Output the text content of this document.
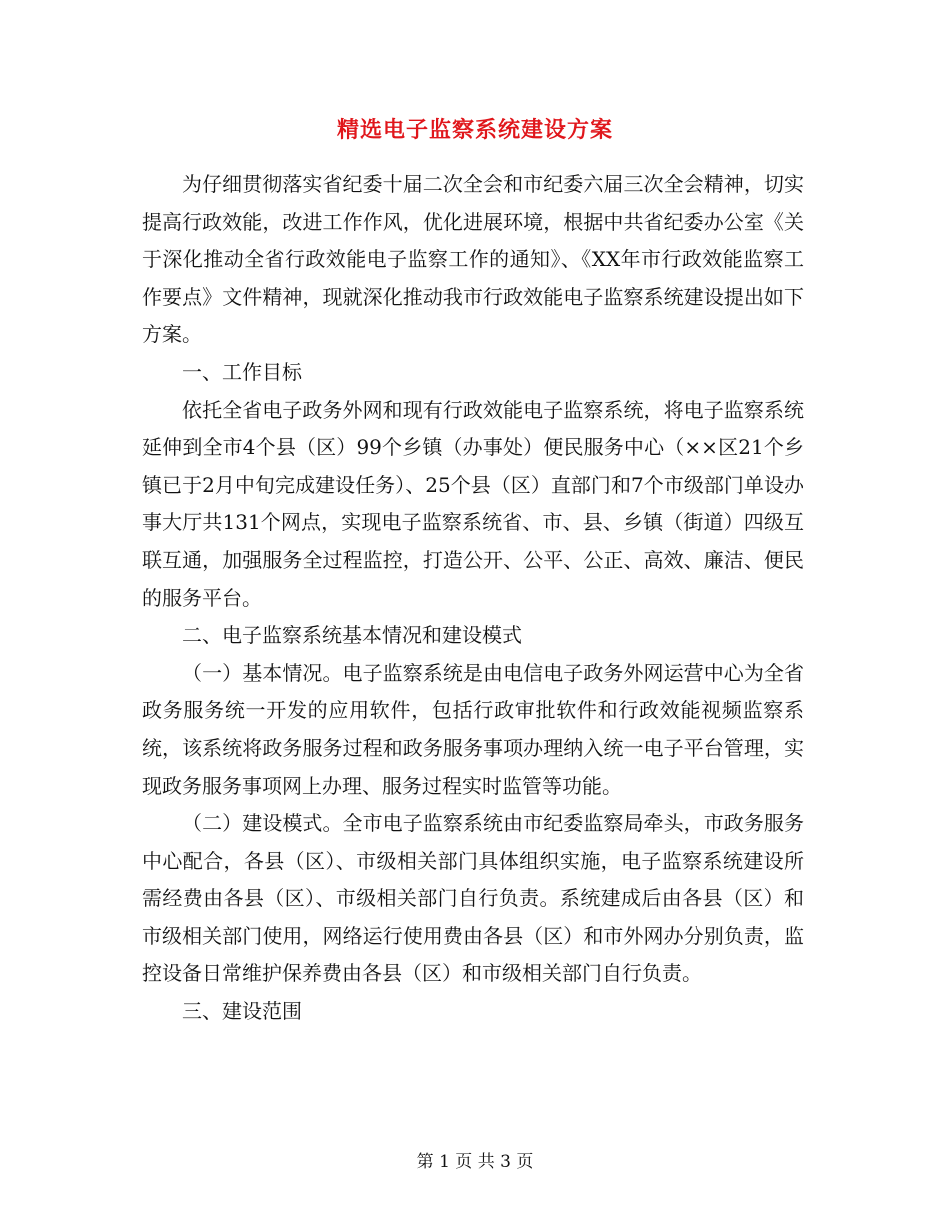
精选电子监察系统建设方案

为仔细贯彻落实省纪委十届二次全会和市纪委六届三次全会精神，切实提高行政效能，改进工作作风，优化进展环境，根据中共省纪委办公室《关于深化推动全省行政效能电子监察工作的通知》、《XX年市行政效能监察工作要点》文件精神，现就深化推动我市行政效能电子监察系统建设提出如下方案。

一、工作目标

依托全省电子政务外网和现有行政效能电子监察系统，将电子监察系统延伸到全市4个县（区）99个乡镇（办事处）便民服务中心（××区21个乡镇已于2月中旬完成建设任务）、25个县（区）直部门和7个市级部门单设办事大厅共131个网点，实现电子监察系统省、市、县、乡镇（街道）四级互联互通，加强服务全过程监控，打造公开、公平、公正、高效、廉洁、便民的服务平台。

二、电子监察系统基本情况和建设模式

（一）基本情况。电子监察系统是由电信电子政务外网运营中心为全省政务服务统一开发的应用软件，包括行政审批软件和行政效能视频监察系统，该系统将政务服务过程和政务服务事项办理纳入统一电子平台管理，实现政务服务事项网上办理、服务过程实时监管等功能。

（二）建设模式。全市电子监察系统由市纪委监察局牵头，市政务服务中心配合，各县（区）、市级相关部门具体组织实施，电子监察系统建设所需经费由各县（区）、市级相关部门自行负责。系统建成后由各县（区）和市级相关部门使用，网络运行使用费由各县（区）和市外网办分别负责，监控设备日常维护保养费由各县（区）和市级相关部门自行负责。

三、建设范围

第 1 页 共 3 页
